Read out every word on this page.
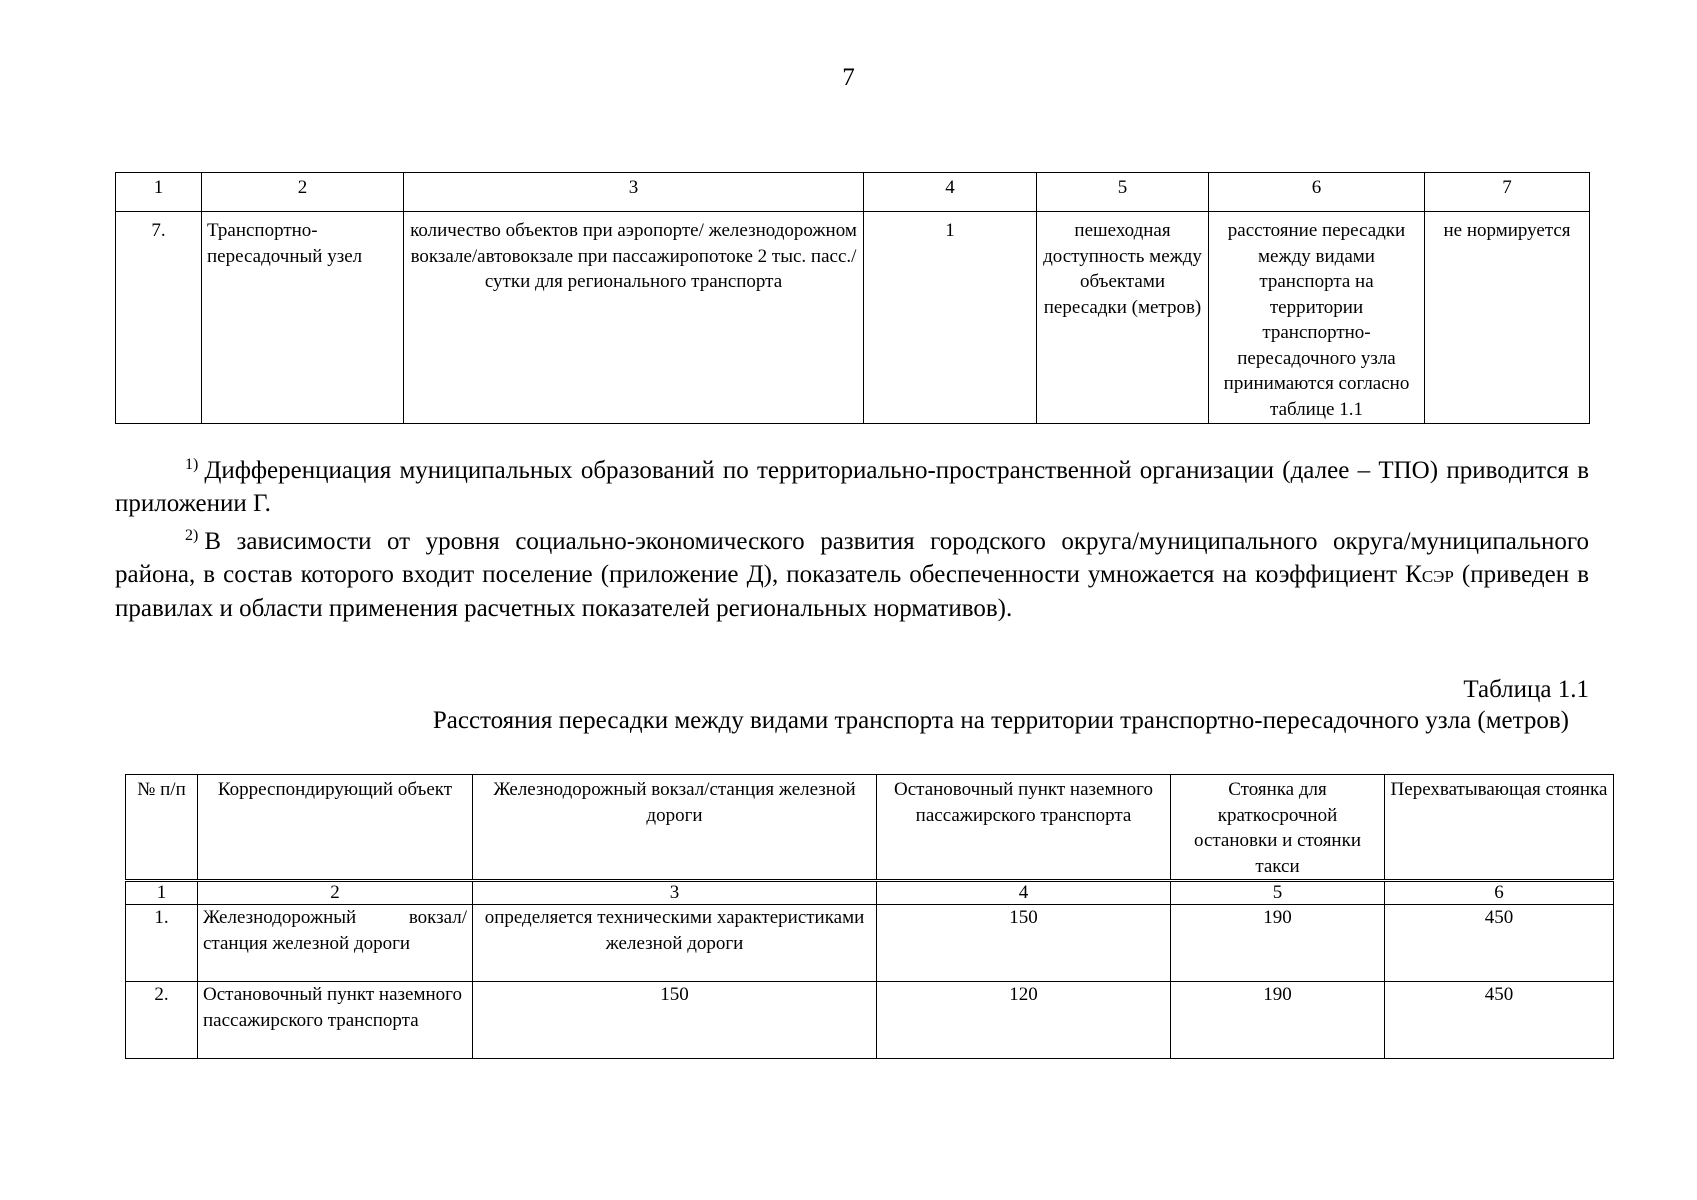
7
1	2	3	4	5	6	7
7.	Транспортно-пересадочный узел	количество объектов при аэропорте/ железнодорожном вокзале/автовокзале при пассажиропотоке 2 тыс. пасс./сутки для регионального транспорта	1	пешеходная доступность между объектами пересадки (метров)	расстояние пересадки между видами транспорта на территории транспортно-пересадочного узла принимаются согласно таблице 1.1	не нормируется

$^{1)}$ Дифференциация муниципальных образований по территориально-пространственной организации (далее – ТПО) приводится в приложении Г.

$^{2)}$ В зависимости от уровня социально-экономического развития городского округа/муниципального округа/муниципального района, в состав которого входит поселение (приложение Д), показатель обеспеченности умножается на коэффициент КСЭР (приведен в правилах и области применения расчетных показателей региональных нормативов).

Таблица 1.1
Расстояния пересадки между видами транспорта на территории транспортно-пересадочного узла (метров)
№ п/п	Корреспондирующий объект	Железнодорожный вокзал/станция железной дороги	Остановочный пункт наземного пассажирского транспорта	Стоянка для краткосрочной остановки и стоянки такси	Перехватывающая стоянка
1	2	3	4	5	6
1.	Железнодорожный вокзал/станция железной дороги	определяется техническими характеристиками железной дороги	150	190	450
2.	Остановочный пункт наземного пассажирского транспорта	150	120	190	450
